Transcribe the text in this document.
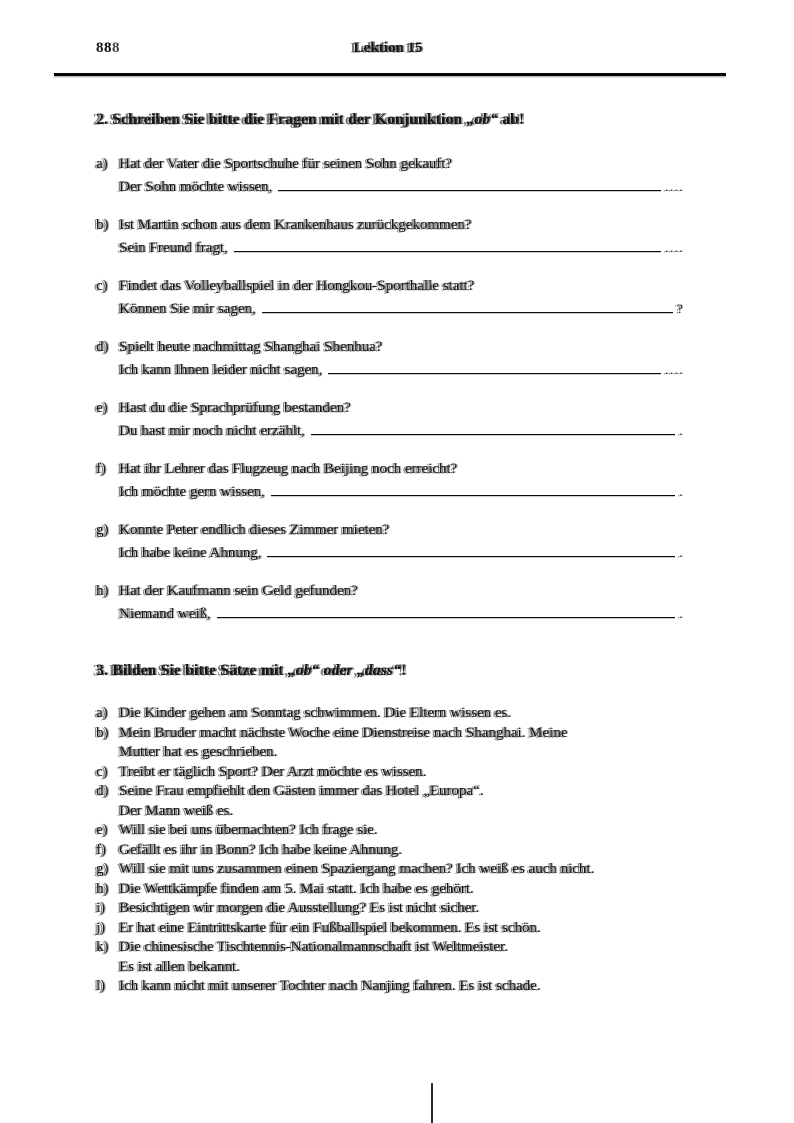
88	Lektion 15
2. Schreiben Sie bitte die Fragen mit der Konjunktion „ob“ ab!
a) Hat der Vater die Sportschuhe für seinen Sohn gekauft?
Der Sohn möchte wissen,	....
b) Ist Martin schon aus dem Krankenhaus zurückgekommen?
Sein Freund fragt,	....
c) Findet das Volleyballspiel in der Hongkou-Sporthalle statt?
Können Sie mir sagen,	?
d) Spielt heute nachmittag Shanghai Shenhua?
Ich kann Ihnen leider nicht sagen,	....
e) Hast du die Sprachprüfung bestanden?
Du hast mir noch nicht erzählt,	.
f) Hat ihr Lehrer das Flugzeug nach Beijing noch erreicht?
Ich möchte gern wissen,	.
g) Konnte Peter endlich dieses Zimmer mieten?
Ich habe keine Ahnung,	.
h) Hat der Kaufmann sein Geld gefunden?
Niemand weiß,	.
3. Bilden Sie bitte Sätze mit „ob“ oder „dass“!
a) Die Kinder gehen am Sonntag schwimmen. Die Eltern wissen es.
b) Mein Bruder macht nächste Woche eine Dienstreise nach Shanghai. Meine
Mutter hat es geschrieben.
c) Treibt er täglich Sport? Der Arzt möchte es wissen.
d) Seine Frau empfiehlt den Gästen immer das Hotel „Europa“.
Der Mann weiß es.
e) Will sie bei uns übernachten? Ich frage sie.
f) Gefällt es ihr in Bonn? Ich habe keine Ahnung.
g) Will sie mit uns zusammen einen Spaziergang machen? Ich weiß es auch nicht.
h) Die Wettkämpfe finden am 5. Mai statt. Ich habe es gehört.
i) Besichtigen wir morgen die Ausstellung? Es ist nicht sicher.
j) Er hat eine Eintrittskarte für ein Fußballspiel bekommen. Es ist schön.
k) Die chinesische Tischtennis-Nationalmannschaft ist Weltmeister.
Es ist allen bekannt.
l) Ich kann nicht mit unserer Tochter nach Nanjing fahren. Es ist schade.
